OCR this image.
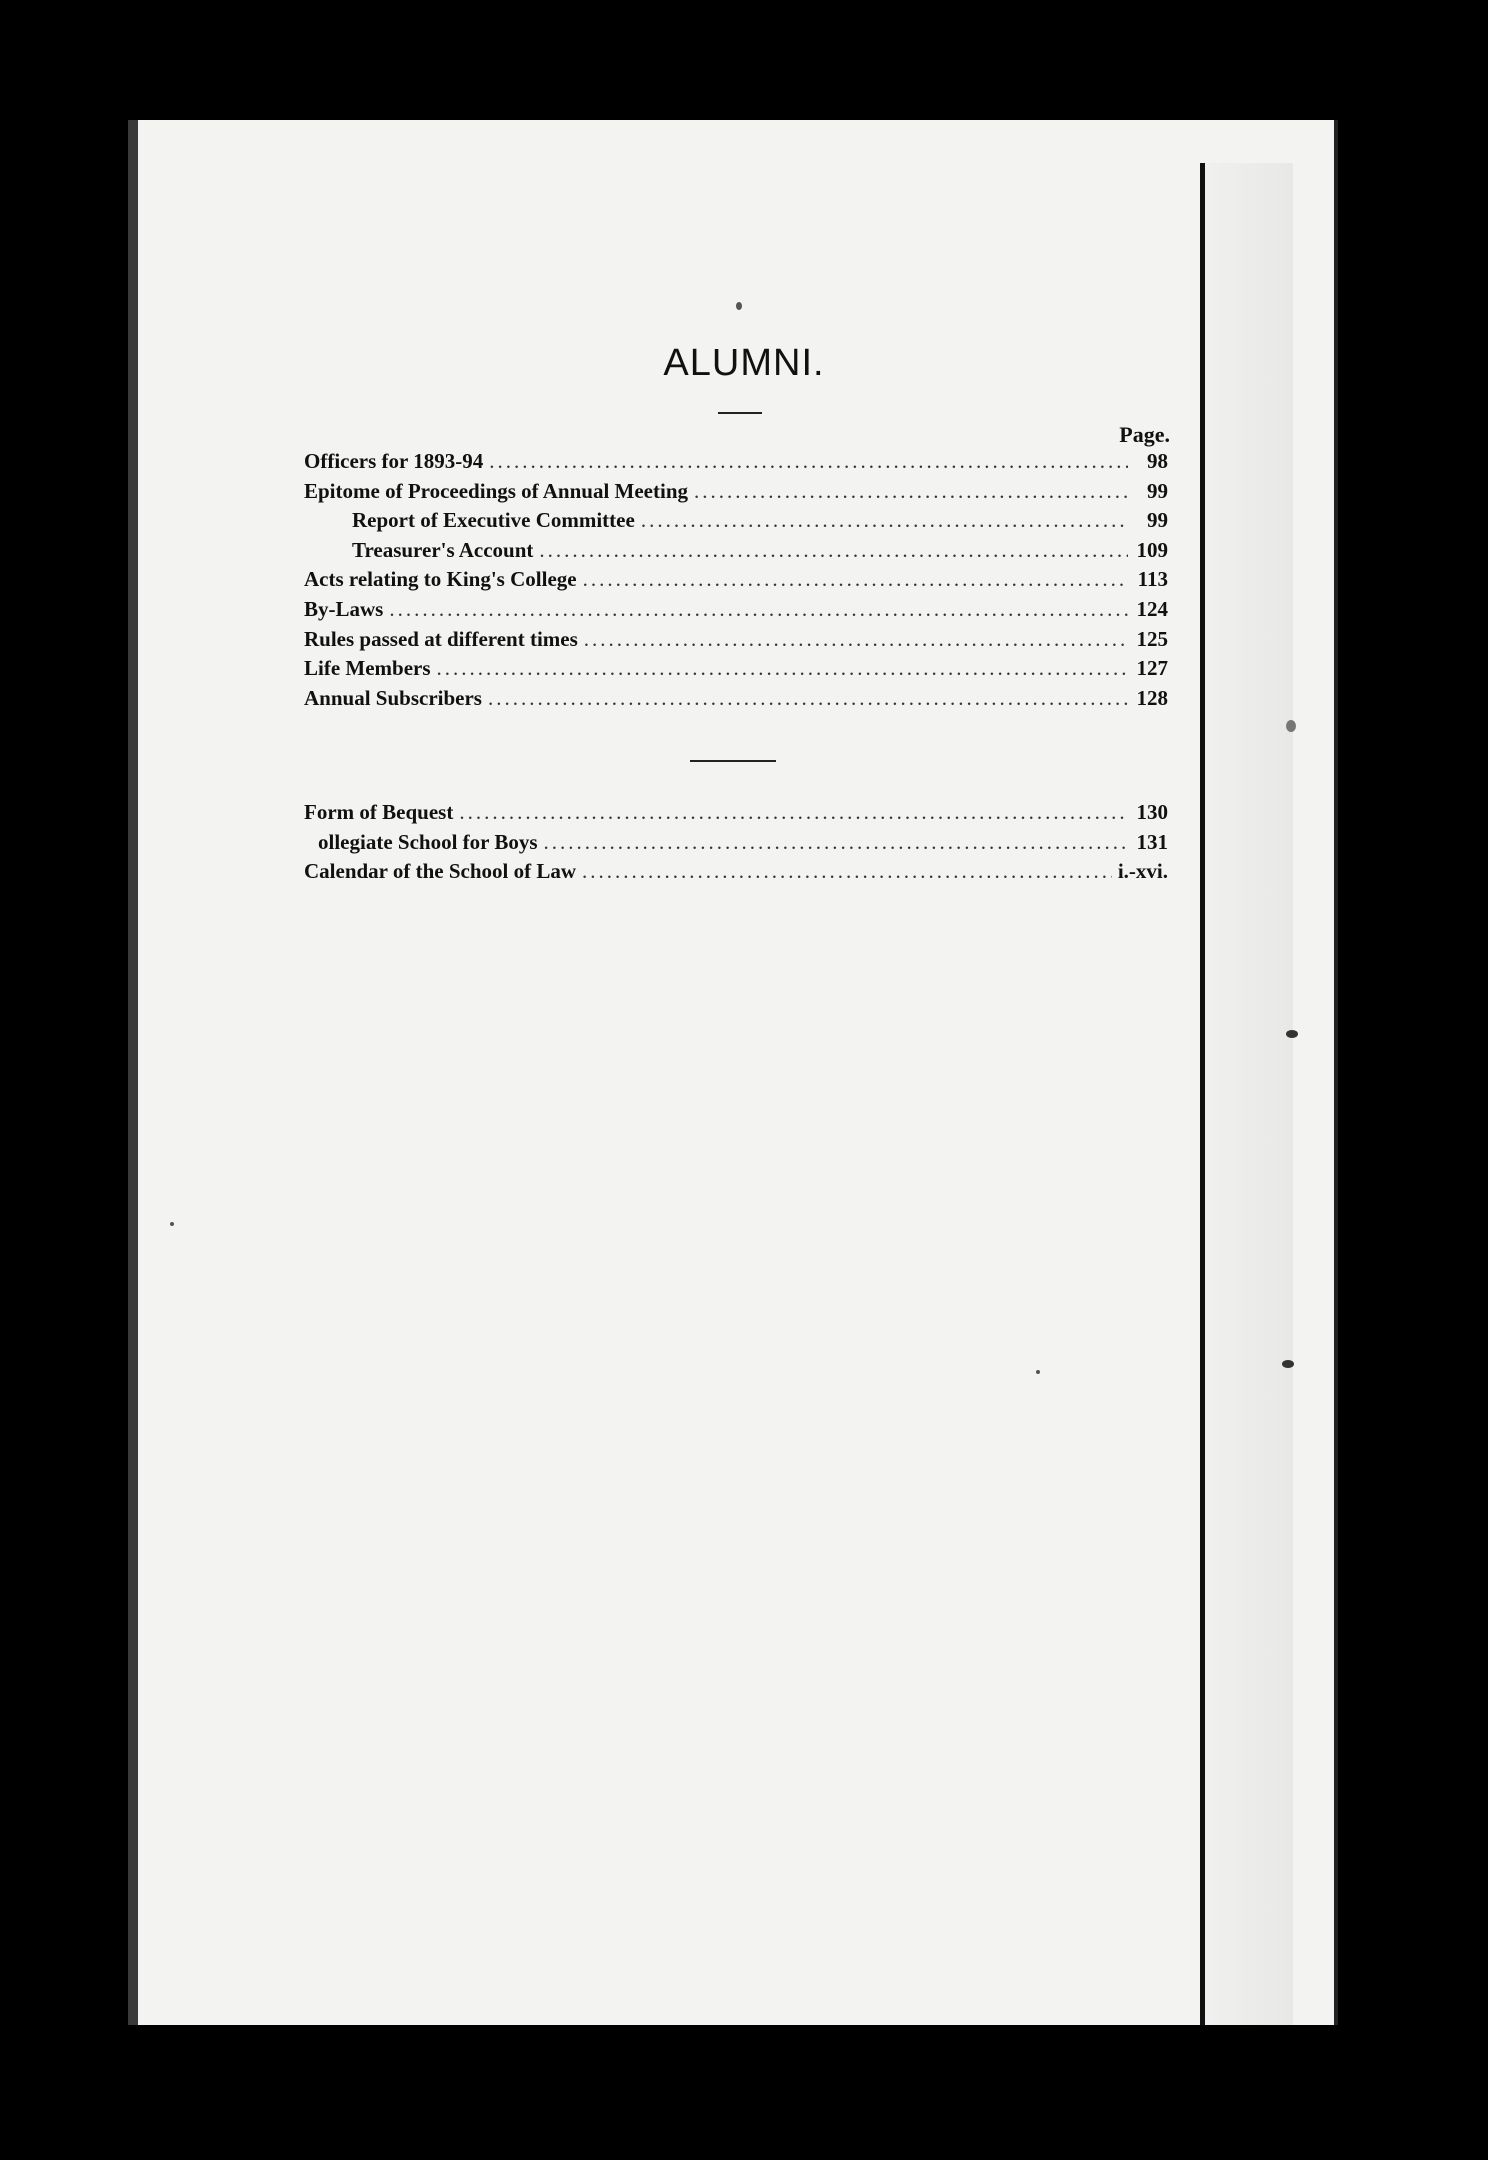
ALUMNI.
Page.
Officers for 1893-94 .....	98
Epitome of Proceedings of Annual Meeting .....	99
Report of Executive Committee .....	99
Treasurer's Account .....	109
Acts relating to King's College .....	113
By-Laws .....	124
Rules passed at different times .....	125
Life Members .....	127
Annual Subscribers .....	128
Form of Bequest .....	130
ollegiate School for Boys .....	131
Calendar of the School of Law .....	i.-xvi.
